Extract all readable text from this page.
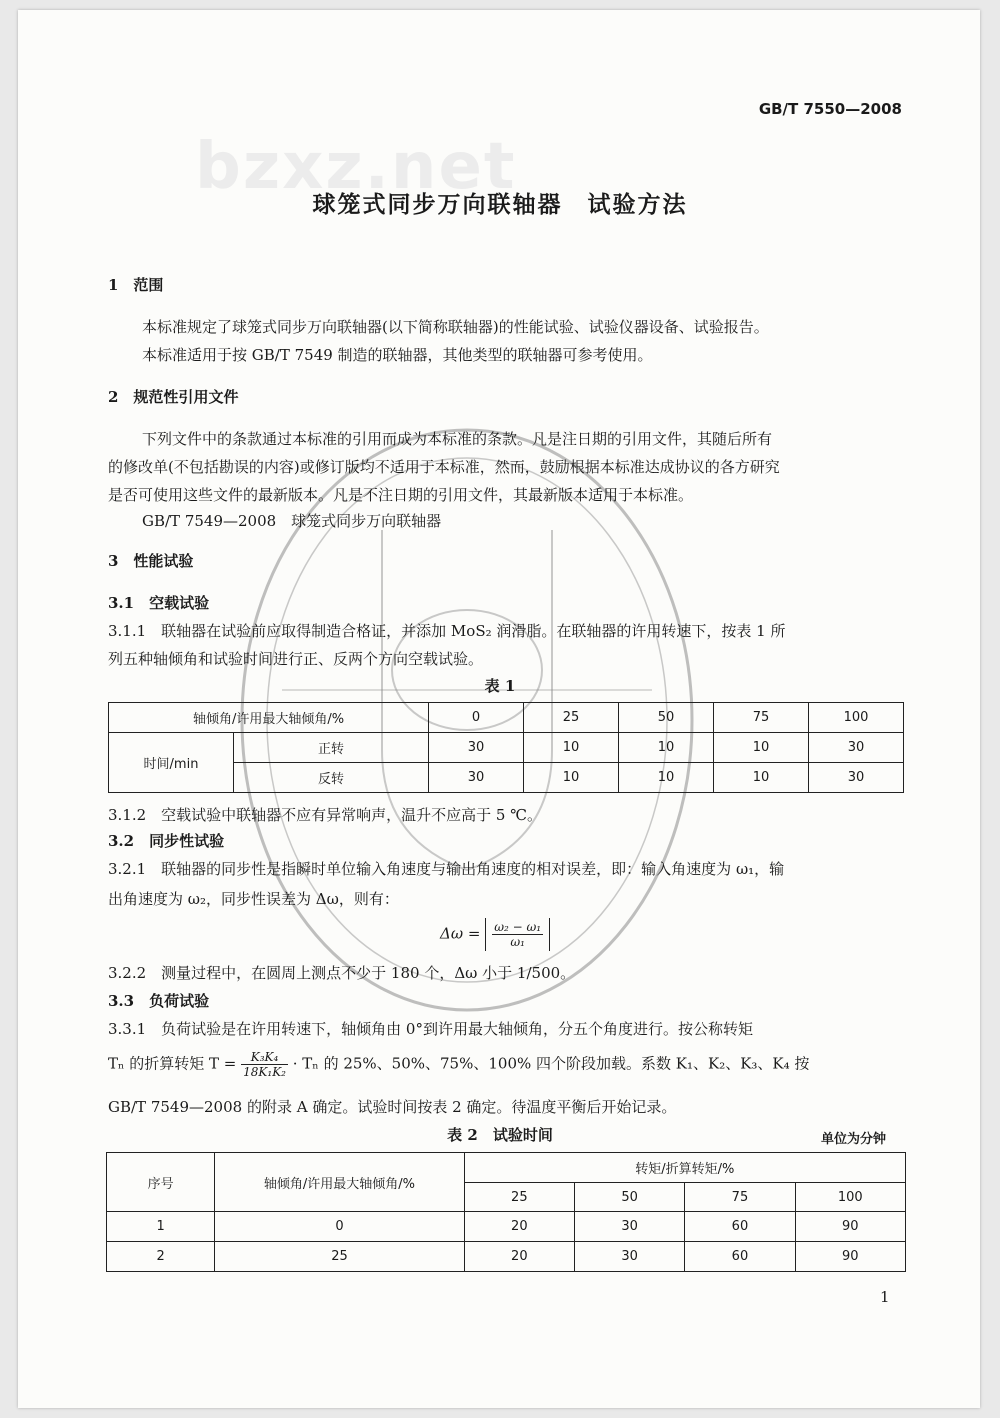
bzxz.net
GB/T 7550—2008
球笼式同步万向联轴器　试验方法
1　范围
本标准规定了球笼式同步万向联轴器(以下简称联轴器)的性能试验、试验仪器设备、试验报告。
本标准适用于按 GB/T 7549 制造的联轴器，其他类型的联轴器可参考使用。
2　规范性引用文件
下列文件中的条款通过本标准的引用而成为本标准的条款。凡是注日期的引用文件，其随后所有
的修改单(不包括勘误的内容)或修订版均不适用于本标准，然而，鼓励根据本标准达成协议的各方研究
是否可使用这些文件的最新版本。凡是不注日期的引用文件，其最新版本适用于本标准。
GB/T 7549—2008　球笼式同步万向联轴器
3　性能试验
3.1　空载试验
3.1.1　联轴器在试验前应取得制造合格证，并添加 MoS₂ 润滑脂。在联轴器的许用转速下，按表 1 所
列五种轴倾角和试验时间进行正、反两个方向空载试验。
表 1
轴倾角/许用最大轴倾角/%		0	25	50	75	100
时间/min	正转	30	10	10	10	30
	反转	30	10	10	10	30
3.1.2　空载试验中联轴器不应有异常响声，温升不应高于 5 ℃。
3.2　同步性试验
3.2.1　联轴器的同步性是指瞬时单位输入角速度与输出角速度的相对误差，即：输入角速度为 ω₁，输
出角速度为 ω₂，同步性误差为 Δω，则有：
$\Delta\omega = \frac{\text{ω₂ − ω₁}}{\text{ω₁}}$
3.2.2　测量过程中，在圆周上测点不少于 180 个，Δω 小于 1/500。
3.3　负荷试验
3.3.1　负荷试验是在许用转速下，轴倾角由 0°到许用最大轴倾角，分五个角度进行。按公称转矩
Tₙ 的折算转矩 $T = \frac{\text{K₃K₄}}{\text{18K₁K₂}} \cdot T_n$ 的 25%、50%、75%、100% 四个阶段加载。系数 K₁、K₂、K₃、K₄ 按
GB/T 7549—2008 的附录 A 确定。试验时间按表 2 确定。待温度平衡后开始记录。
表 2　试验时间	单位为分钟
序号	轴倾角/许用最大轴倾角/%	转矩/折算转矩/%			
		25	50	75	100
1	0	20	30	60	90
2	25	20	30	60	90
1
